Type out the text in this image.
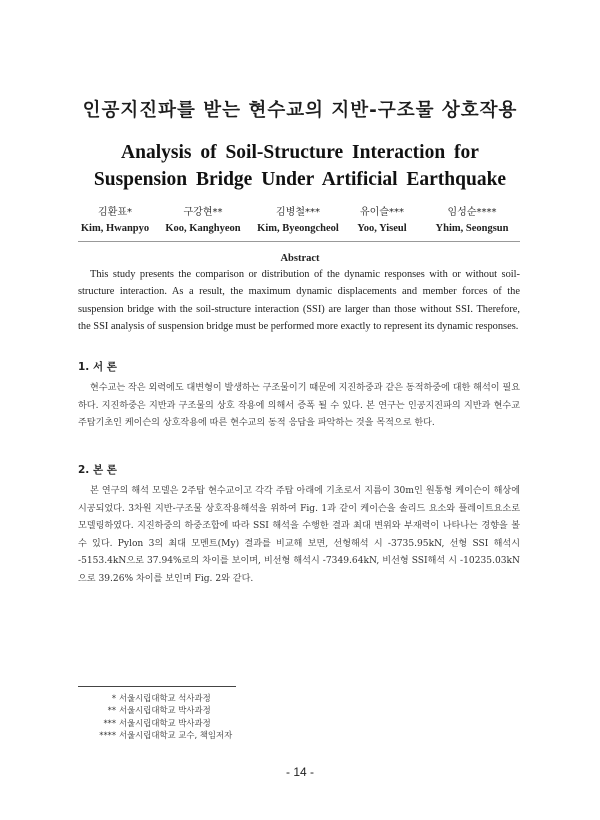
인공지진파를 받는 현수교의 지반-구조물 상호작용
Analysis of Soil-Structure Interaction for
Suspension Bridge Under Artificial Earthquake
김환표*
Kim, Hwanpyo
구강현**
Koo, Kanghyeon
김병철***
Kim, Byeongcheol
유이슬***
Yoo, Yiseul
임성순****
Yhim, Seongsun
Abstract
This study presents the comparison or distribution of the dynamic responses with or without soil-structure interaction. As a result, the maximum dynamic displacements and member forces of the suspension bridge with the soil-structure interaction (SSI) are larger than those without SSI. Therefore, the SSI analysis of suspension bridge must be performed more exactly to represent its dynamic responses.
1. 서 론
현수교는 작은 외력에도 대변형이 발생하는 구조물이기 때문에 지진하중과 같은 동적하중에 대한 해석이 필요하다. 지진하중은 지반과 구조물의 상호 작용에 의해서 증폭 될 수 있다. 본 연구는 인공지진파의 지반과 현수교 주탑기초인 케이슨의 상호작용에 따른 현수교의 동적 응답을 파악하는 것을 목적으로 한다.
2. 본 론
본 연구의 해석 모델은 2주탑 현수교이고 각각 주탑 아래에 기초로서 지름이 30m인 원통형 케이슨이 해상에 시공되었다. 3차원 지반-구조물 상호작용해석을 위하여 Fig. 1과 같이 케이슨을 솔리드 요소와 플레이트요소로 모델링하였다. 지진하중의 하중조합에 따라 SSI 해석을 수행한 결과 최대 변위와 부재력이 나타나는 경향을 볼 수 있다. Pylon 3의 최대 모멘트(My) 결과를 비교해 보면, 선형해석 시 -3735.95kN, 선형 SSI 해석시 -5153.4kN으로 37.94%로의 차이를 보이며, 비선형 해석시 -7349.64kN, 비선형 SSI해석 시 -10235.03kN으로 39.26% 차이를 보인며 Fig. 2와 같다.
* 서울시립대학교 석사과정
** 서울시립대학교 박사과정
*** 서울시립대학교 박사과정
**** 서울시립대학교 교수, 책임저자
- 14 -
